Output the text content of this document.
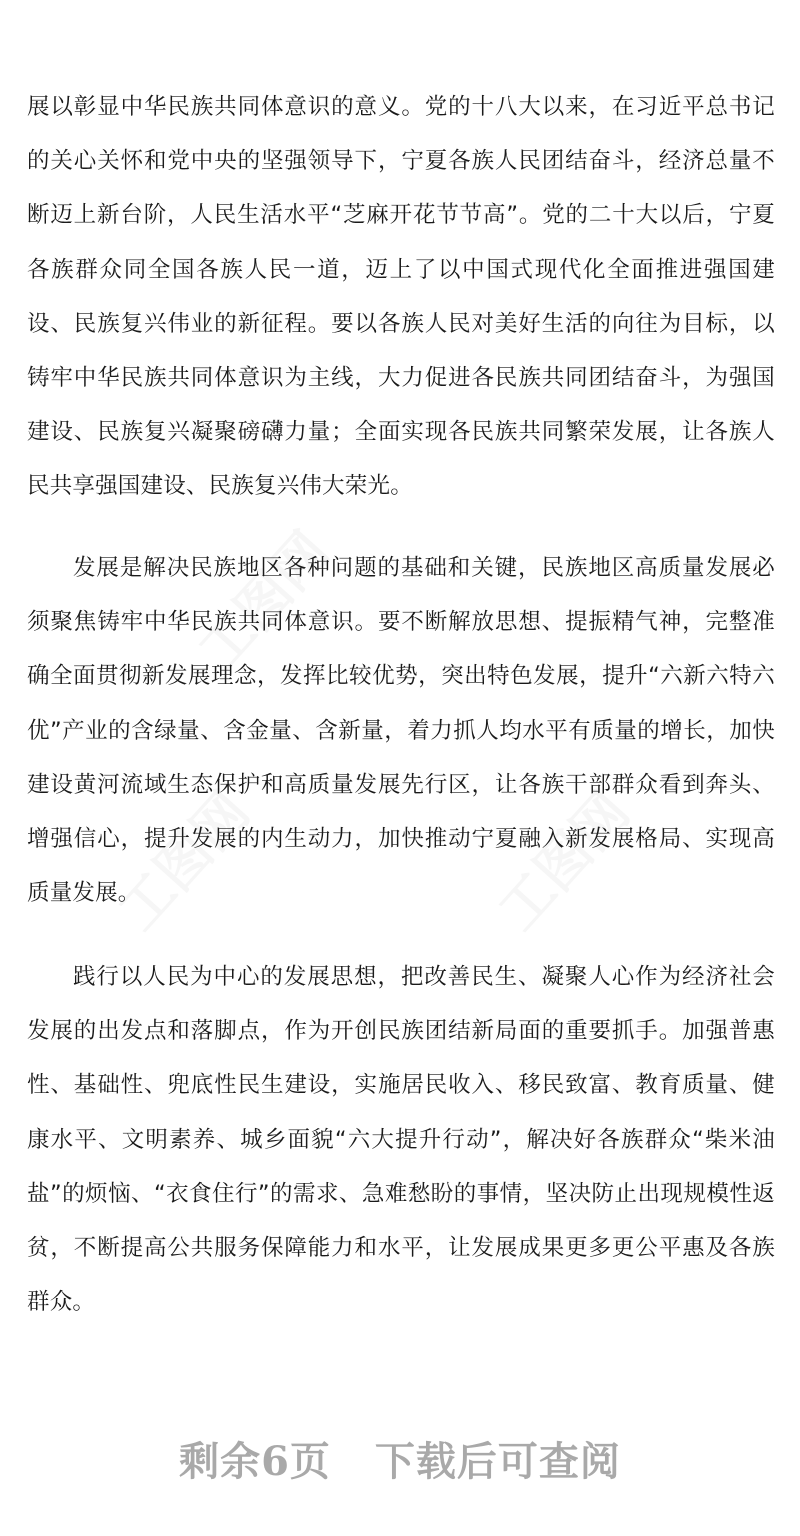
展以彰显中华民族共同体意识的意义。党的十八大以来，在习近平总书记的关心关怀和党中央的坚强领导下，宁夏各族人民团结奋斗，经济总量不断迈上新台阶，人民生活水平“芝麻开花节节高”。党的二十大以后，宁夏各族群众同全国各族人民一道，迈上了以中国式现代化全面推进强国建设、民族复兴伟业的新征程。要以各族人民对美好生活的向往为目标，以铸牢中华民族共同体意识为主线，大力促进各民族共同团结奋斗，为强国建设、民族复兴凝聚磅礴力量；全面实现各民族共同繁荣发展，让各族人民共享强国建设、民族复兴伟大荣光。

发展是解决民族地区各种问题的基础和关键，民族地区高质量发展必须聚焦铸牢中华民族共同体意识。要不断解放思想、提振精气神，完整准确全面贯彻新发展理念，发挥比较优势，突出特色发展，提升“六新六特六优”产业的含绿量、含金量、含新量，着力抓人均水平有质量的增长，加快建设黄河流域生态保护和高质量发展先行区，让各族干部群众看到奔头、增强信心，提升发展的内生动力，加快推动宁夏融入新发展格局、实现高质量发展。

践行以人民为中心的发展思想，把改善民生、凝聚人心作为经济社会发展的出发点和落脚点，作为开创民族团结新局面的重要抓手。加强普惠性、基础性、兜底性民生建设，实施居民收入、移民致富、教育质量、健康水平、文明素养、城乡面貌“六大提升行动”，解决好各族群众“柴米油盐”的烦恼、“衣食住行”的需求、急难愁盼的事情，坚决防止出现规模性返贫，不断提高公共服务保障能力和水平，让发展成果更多更公平惠及各族群众。

剩余6页 下载后可查阅
